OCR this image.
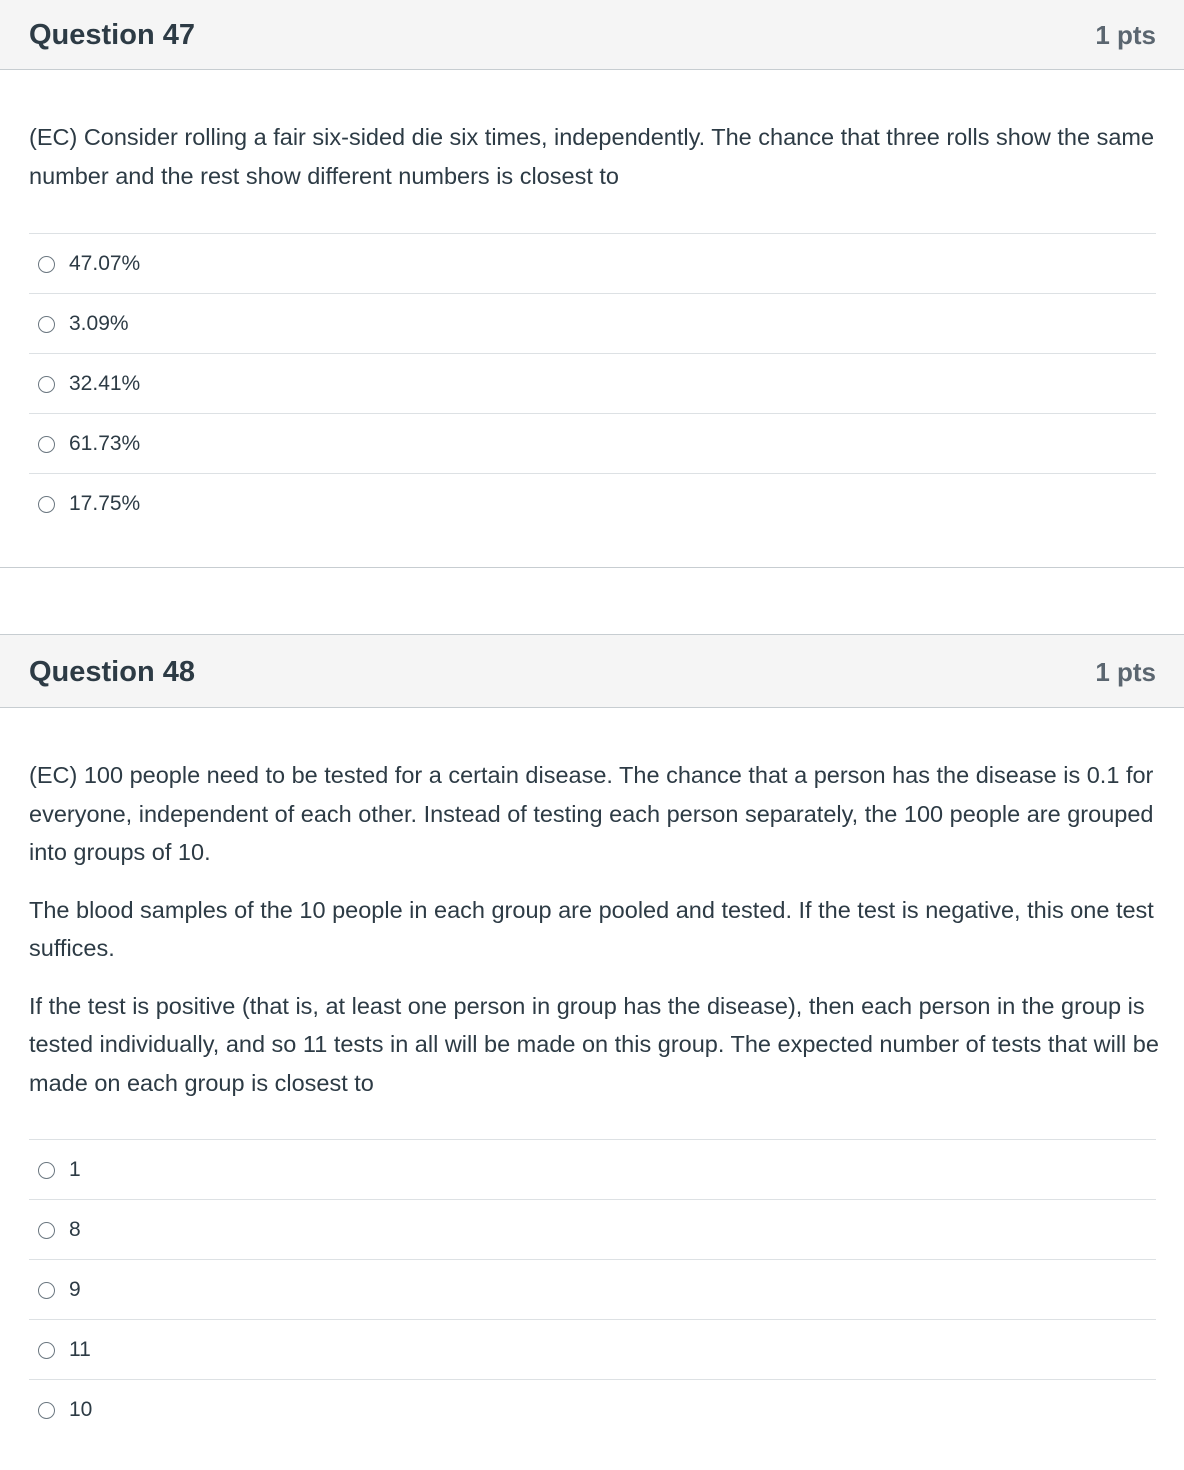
Question 47	1 pts

(EC) Consider rolling a fair six-sided die six times, independently. The chance that three rolls show the same number and the rest show different numbers is closest to

47.07%
3.09%
32.41%
61.73%
17.75%
Question 48	1 pts

(EC) 100 people need to be tested for a certain disease. The chance that a person has the disease is 0.1 for everyone, independent of each other. Instead of testing each person separately, the 100 people are grouped into groups of 10.

The blood samples of the 10 people in each group are pooled and tested. If the test is negative, this one test suffices.

If the test is positive (that is, at least one person in group has the disease), then each person in the group is tested individually, and so 11 tests in all will be made on this group. The expected number of tests that will be made on each group is closest to

1
8
9
11
10
